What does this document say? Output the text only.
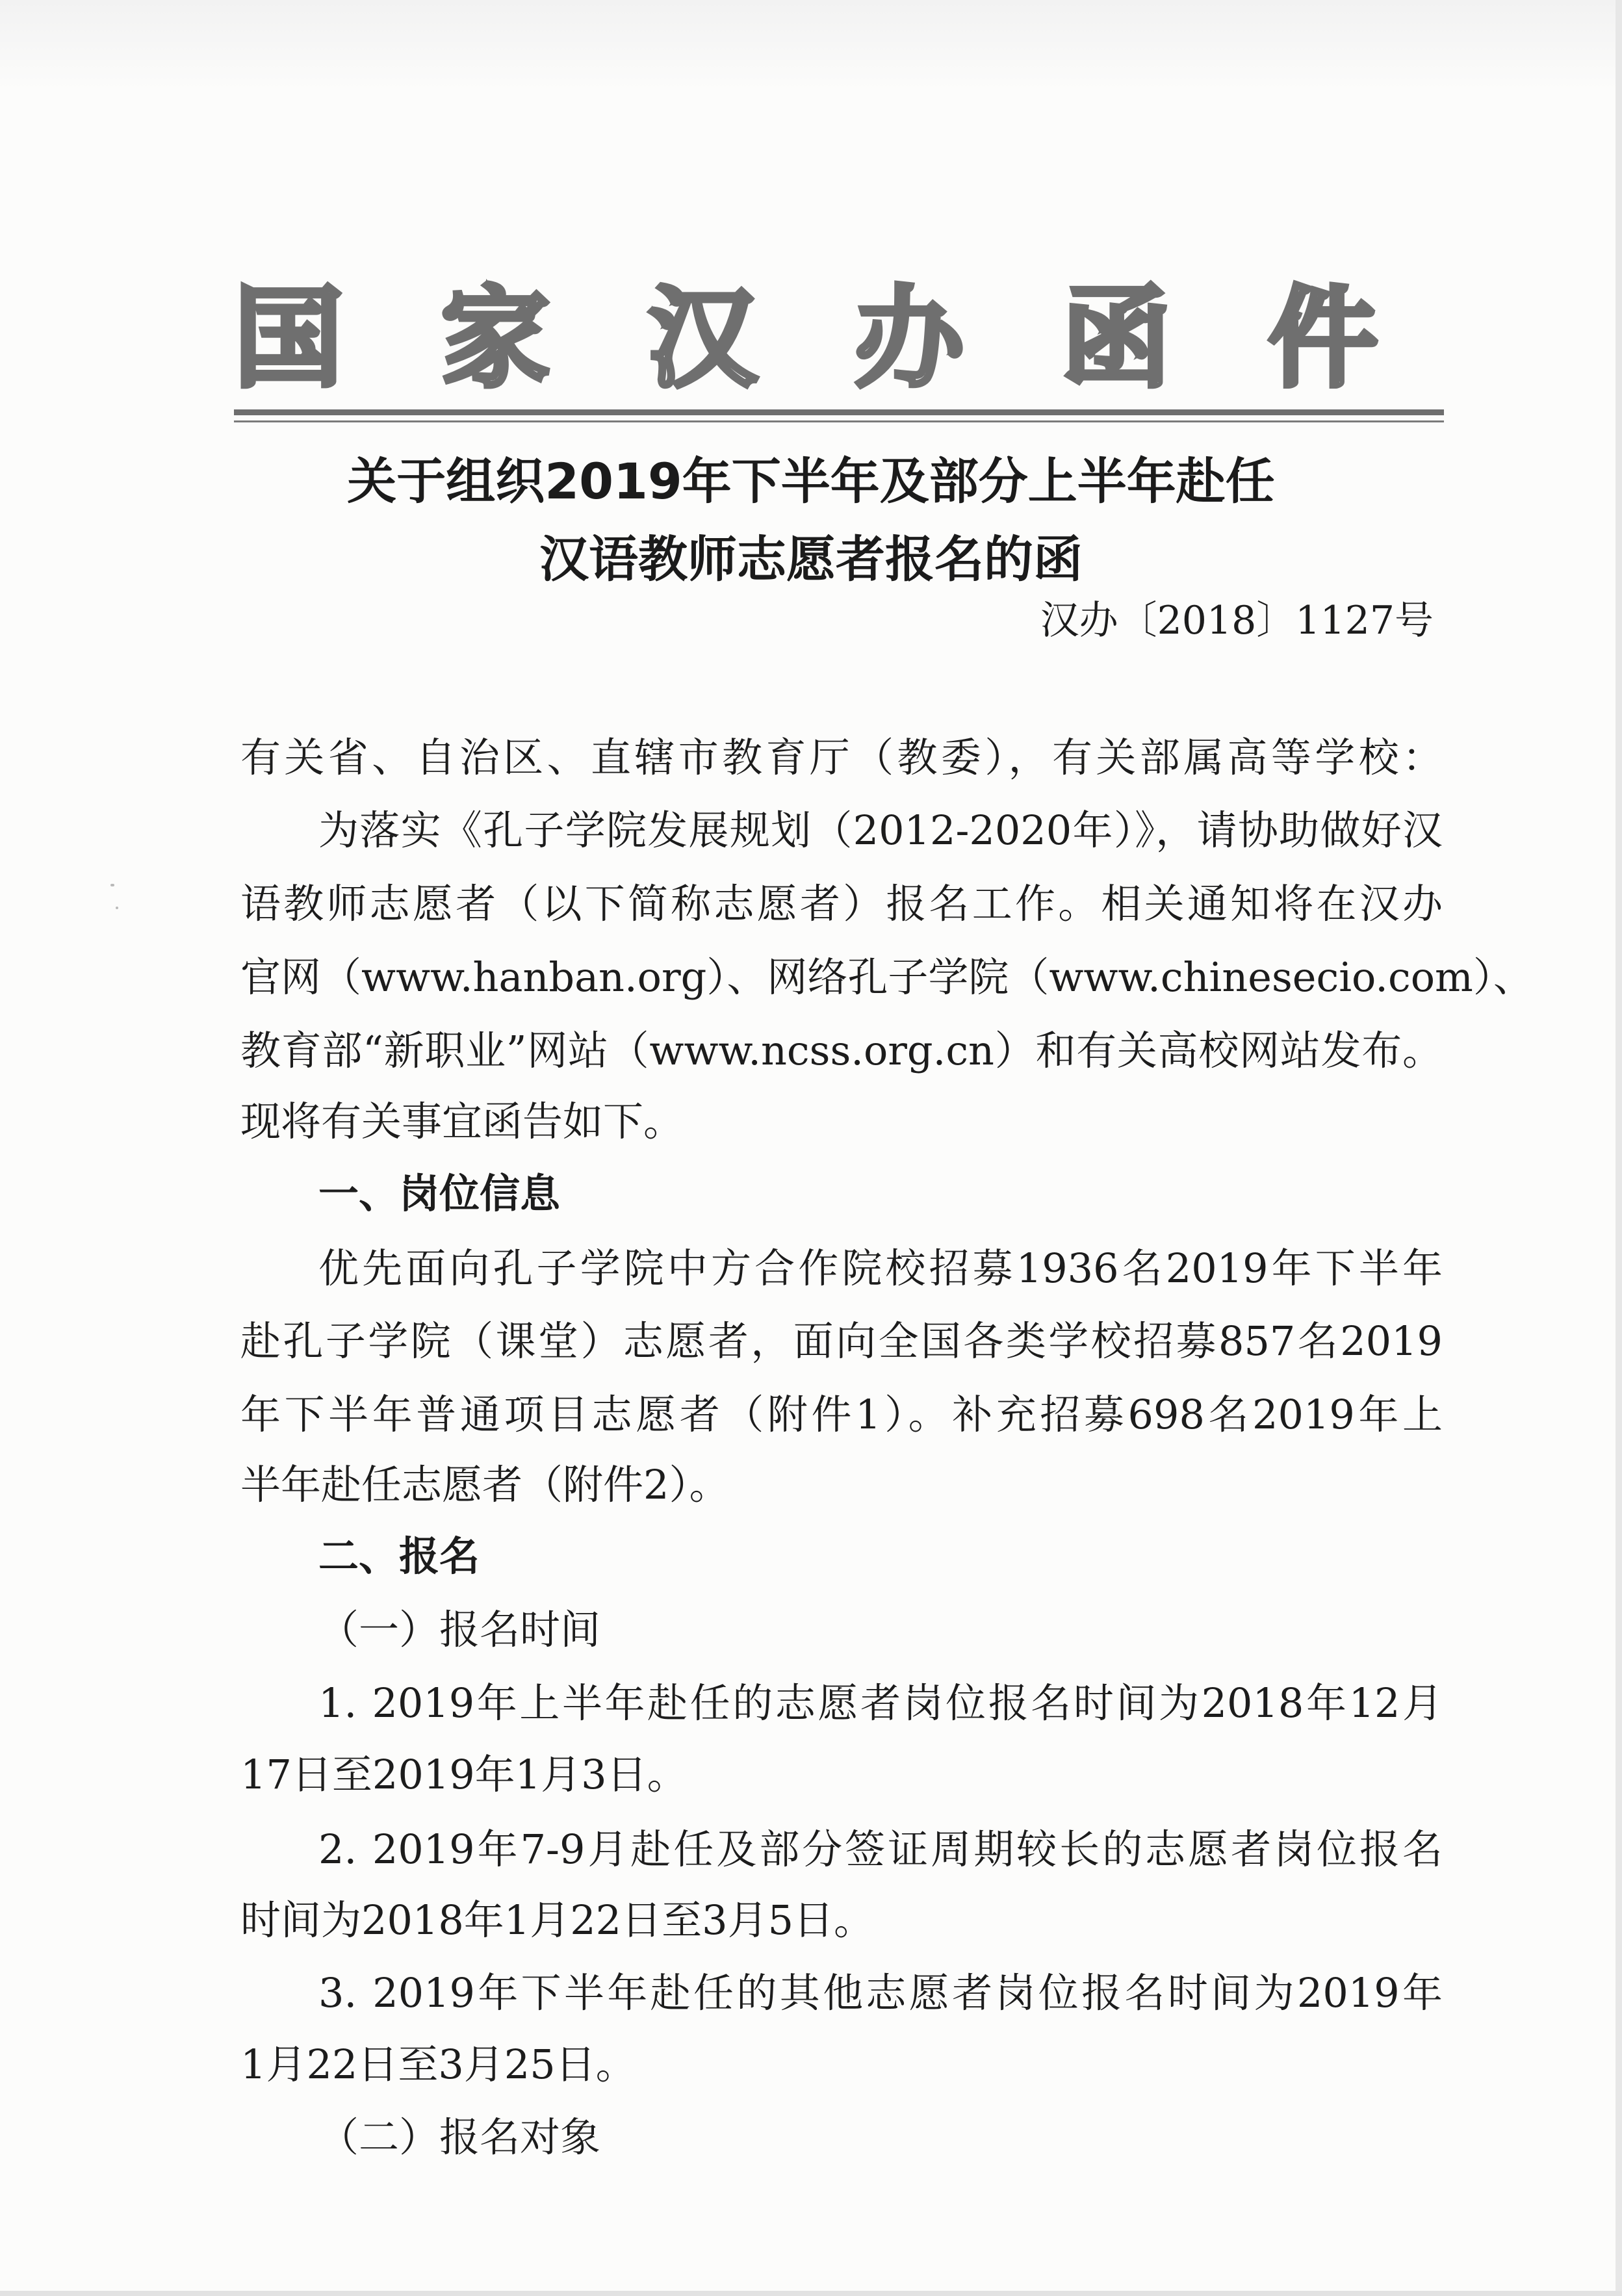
国 家 汉 办 函 件
关于组织2019年下半年及部分上半年赴任
汉语教师志愿者报名的函
汉办〔2018〕1127号
有关省、自治区、直辖市教育厅（教委），有关部属高等学校：
为落实《孔子学院发展规划（2012-2020年）》，请协助做好汉
语教师志愿者（以下简称志愿者）报名工作。相关通知将在汉办
官网（www.hanban.org）、网络孔子学院（www.chinesecio.com）、
教育部“新职业”网站（www.ncss.org.cn）和有关高校网站发布。
现将有关事宜函告如下。
一、岗位信息
优先面向孔子学院中方合作院校招募1936名2019年下半年
赴孔子学院（课堂）志愿者，面向全国各类学校招募857名2019
年下半年普通项目志愿者（附件1）。补充招募698名2019年上
半年赴任志愿者（附件2）。
二、报名
（一）报名时间
1. 2019年上半年赴任的志愿者岗位报名时间为2018年12月
17日至2019年1月3日。
2. 2019年7-9月赴任及部分签证周期较长的志愿者岗位报名
时间为2018年1月22日至3月5日。
3. 2019年下半年赴任的其他志愿者岗位报名时间为2019年
1月22日至3月25日。
（二）报名对象
